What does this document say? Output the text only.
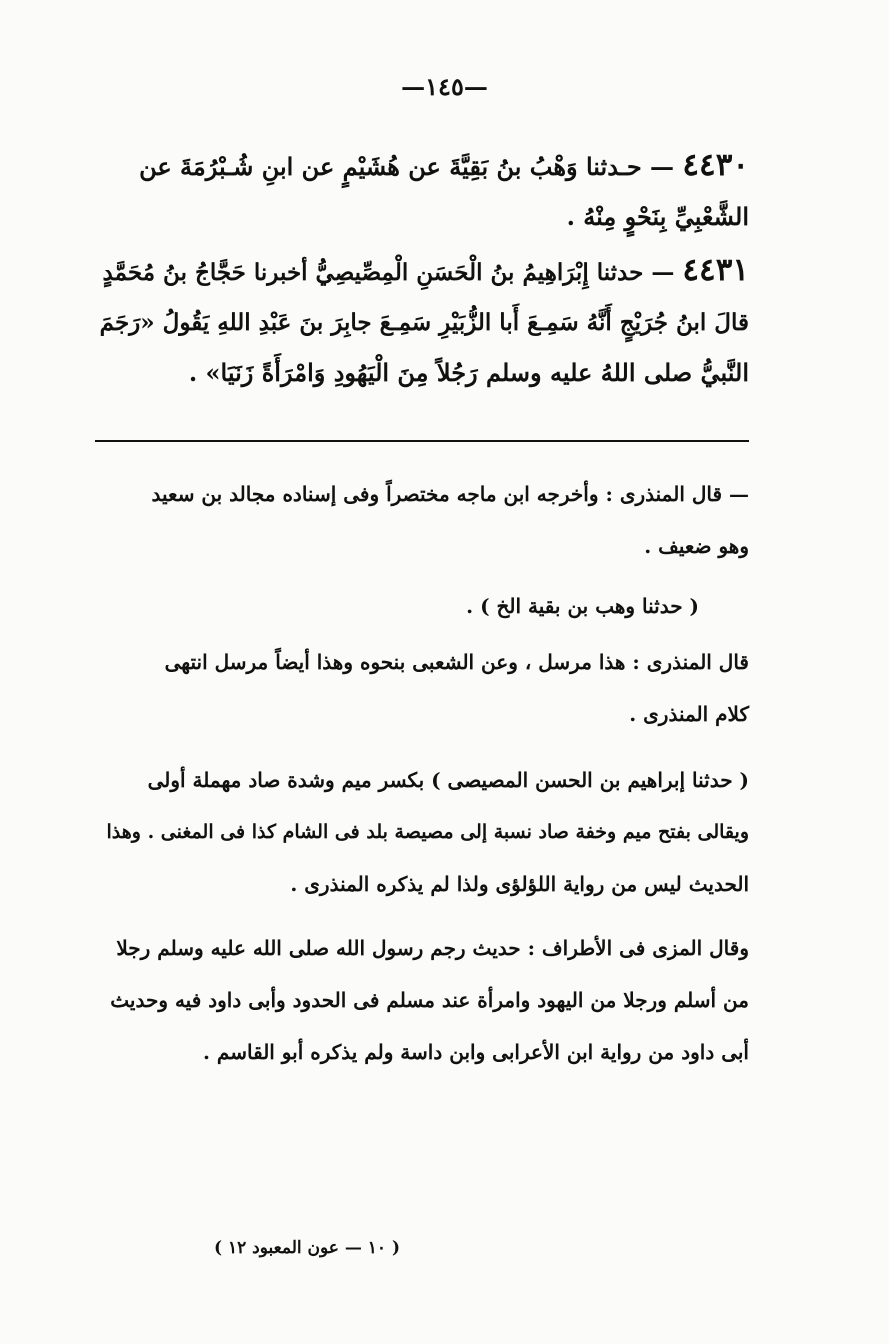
—١٤٥—
٤٤٣٠ — حـدثنا وَهْبُ بنُ بَقِيَّةَ عن هُشَيْمٍ عن ابنِ شُـبْرُمَةَ عن
الشَّعْبِيِّ بِنَحْوٍ مِنْهُ .
٤٤٣١ — حدثنا إِبْرَاهِيمُ بنُ الْحَسَنِ الْمِصِّيصِيُّ أخبرنا حَجَّاجُ بنُ مُحَمَّدٍ
قالَ ابنُ جُرَيْجٍ أَنَّهُ سَمِـعَ أَبا الزُّبَيْرِ سَمِـعَ جابِرَ بنَ عَبْدِ اللهِ يَقُولُ «رَجَمَ
النَّبيُّ صلى اللهُ عليه وسلم رَجُلاً مِنَ الْيَهُودِ وَامْرَأَةً زَنَيَا» .
— قال المنذرى : وأخرجه ابن ماجه مختصراً وفى إسناده مجالد بن سعيد
وهو ضعيف .
( حدثنا وهب بن بقية الخ ) .
قال المنذرى : هذا مرسل ، وعن الشعبى بنحوه وهذا أيضاً مرسل انتهى
كلام المنذرى .
( حدثنا إبراهيم بن الحسن المصيصى ) بكسر ميم وشدة صاد مهملة أولى
ويقالى بفتح ميم وخفة صاد نسبة إلى مصيصة بلد فى الشام كذا فى المغنى . وهذا
الحديث ليس من رواية اللؤلؤى ولذا لم يذكره المنذرى .
وقال المزى فى الأطراف : حديث رجم رسول الله صلى الله عليه وسلم رجلا
من أسلم ورجلا من اليهود وامرأة عند مسلم فى الحدود وأبى داود فيه وحديث
أبى داود من رواية ابن الأعرابى وابن داسة ولم يذكره أبو القاسم .
( ١٠ — عون المعبود ١٢ )
